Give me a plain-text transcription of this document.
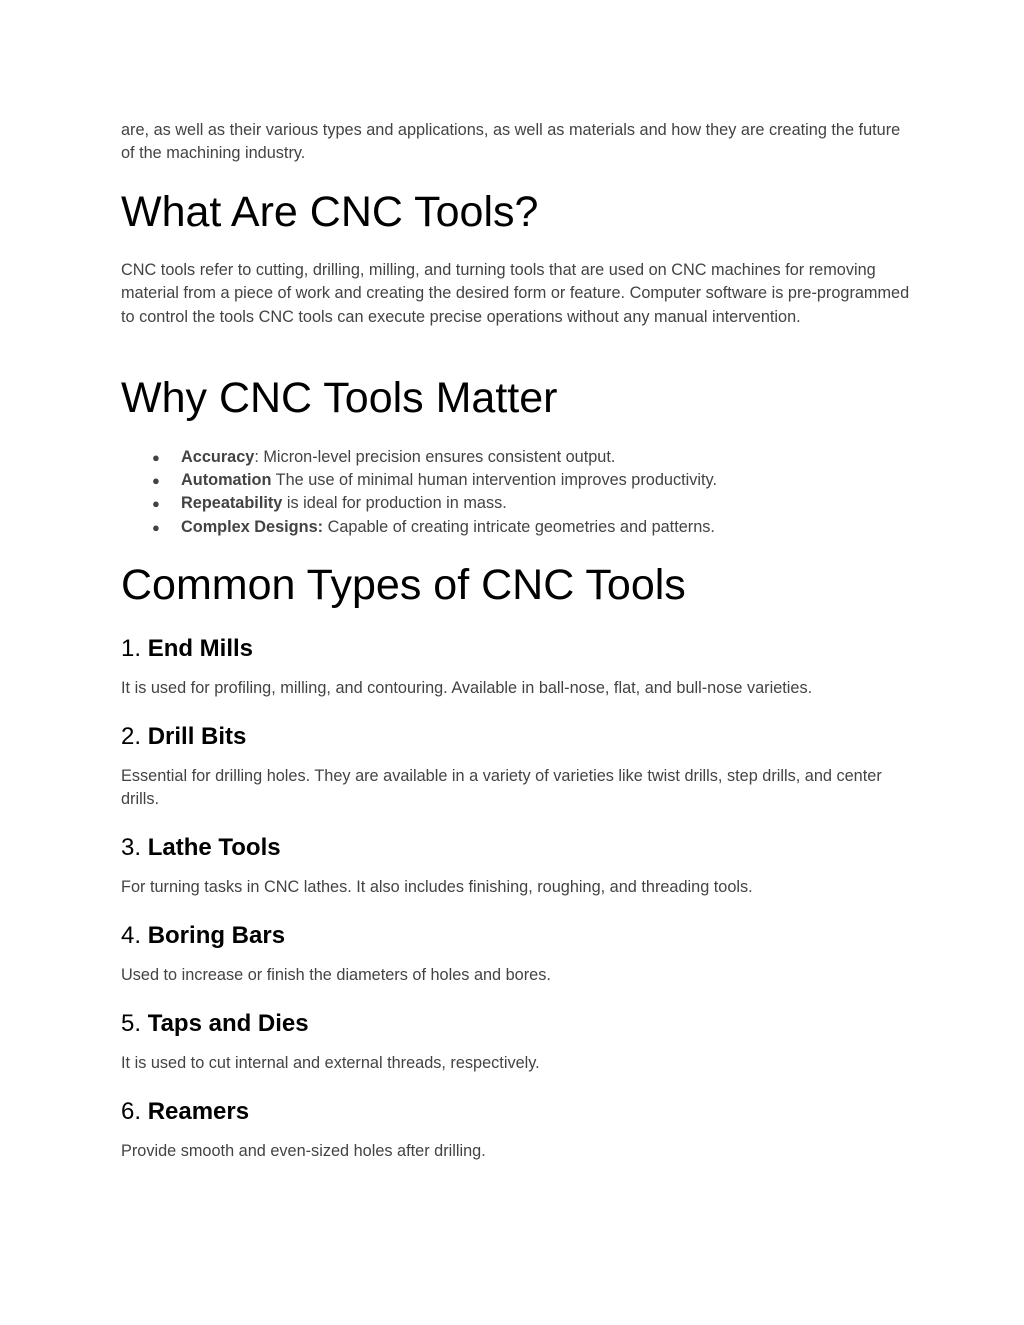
are, as well as their various types and applications, as well as materials and how they are creating the future of the machining industry.

What Are CNC Tools?

CNC tools refer to cutting, drilling, milling, and turning tools that are used on CNC machines for removing material from a piece of work and creating the desired form or feature. Computer software is pre-programmed to control the tools CNC tools can execute precise operations without any manual intervention.

Why CNC Tools Matter
● Accuracy: Micron-level precision ensures consistent output.
● Automation The use of minimal human intervention improves productivity.
● Repeatability is ideal for production in mass.
● Complex Designs: Capable of creating intricate geometries and patterns.
Common Types of CNC Tools
1. End Mills

It is used for profiling, milling, and contouring. Available in ball-nose, flat, and bull-nose varieties.

2. Drill Bits

Essential for drilling holes. They are available in a variety of varieties like twist drills, step drills, and center drills.

3. Lathe Tools

For turning tasks in CNC lathes. It also includes finishing, roughing, and threading tools.

4. Boring Bars

Used to increase or finish the diameters of holes and bores.

5. Taps and Dies

It is used to cut internal and external threads, respectively.

6. Reamers

Provide smooth and even-sized holes after drilling.
